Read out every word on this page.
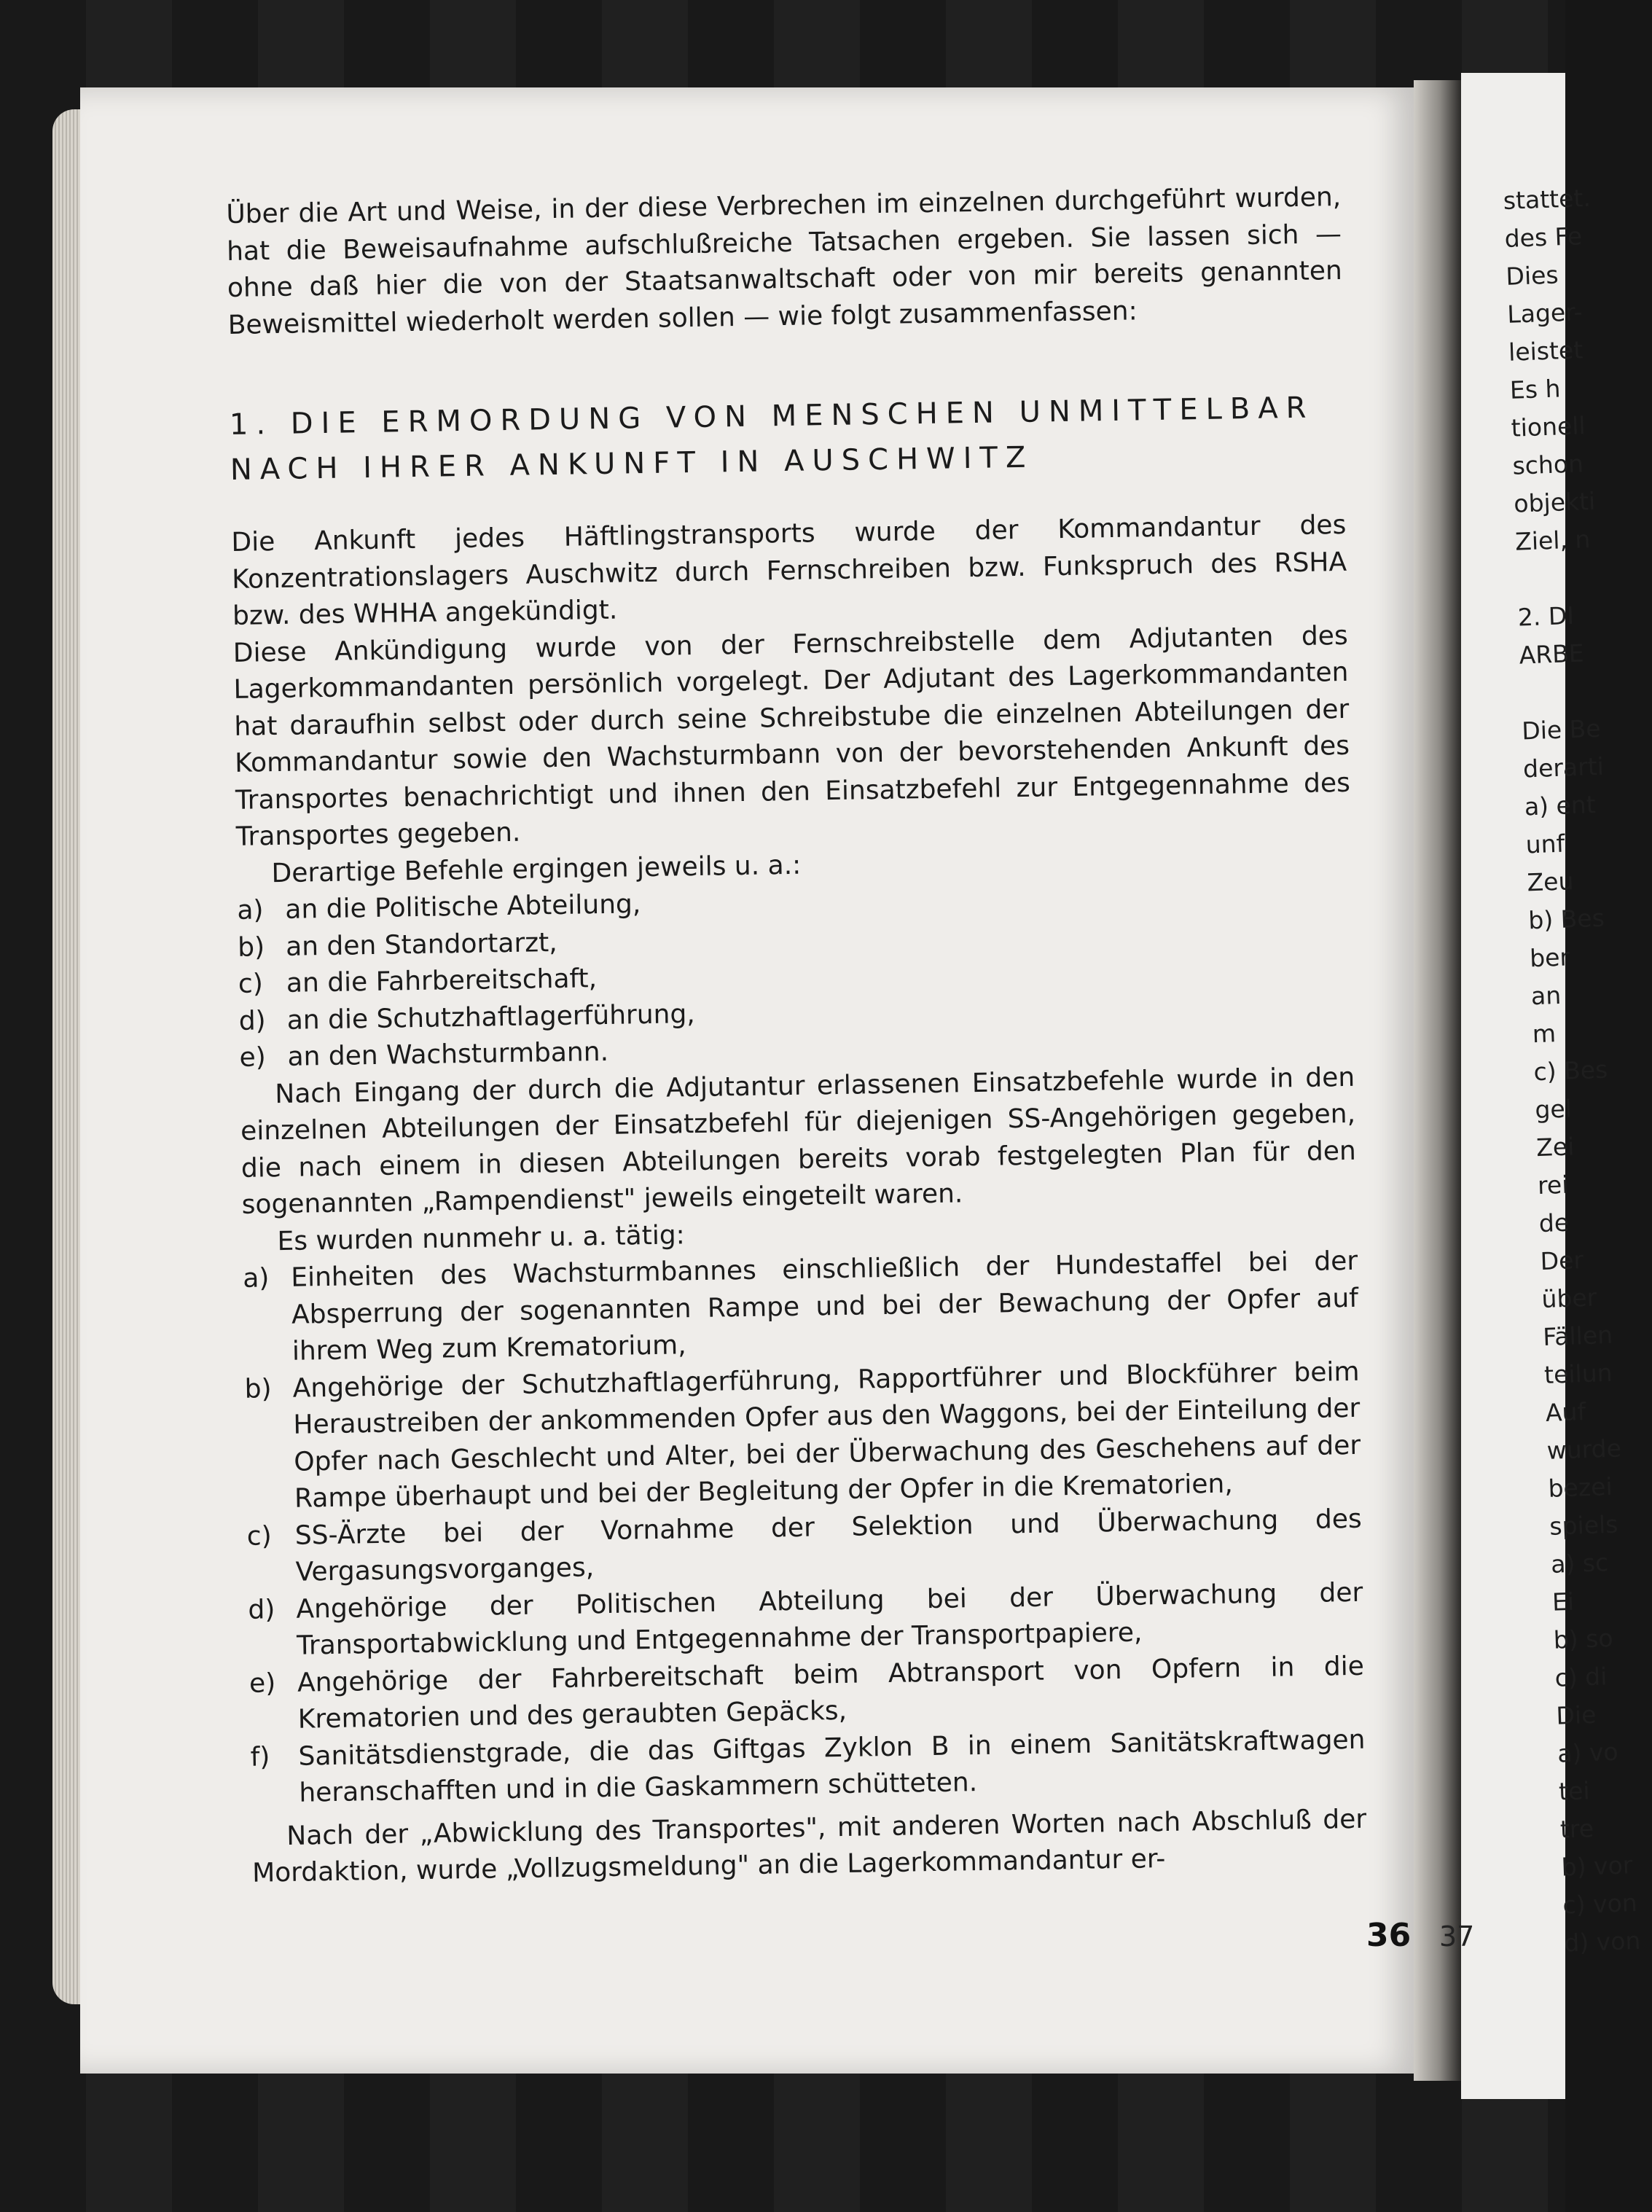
Über die Art und Weise, in der diese Verbrechen im einzelnen durchgeführt wurden, hat die Beweisaufnahme aufschlußreiche Tatsachen ergeben. Sie lassen sich — ohne daß hier die von der Staatsanwaltschaft oder von mir bereits genannten Beweismittel wiederholt werden sollen — wie folgt zusammenfassen:

1. DIE ERMORDUNG VON MENSCHEN UNMITTELBAR
NACH IHRER ANKUNFT IN AUSCHWITZ

Die Ankunft jedes Häftlingstransports wurde der Kommandantur des Konzentrationslagers Auschwitz durch Fernschreiben bzw. Funkspruch des RSHA bzw. des WHHA angekündigt.

Diese Ankündigung wurde von der Fernschreibstelle dem Adjutanten des Lagerkommandanten persönlich vorgelegt. Der Adjutant des Lagerkommandanten hat daraufhin selbst oder durch seine Schreibstube die einzelnen Abteilungen der Kommandantur sowie den Wachsturmbann von der bevorstehenden Ankunft des Transportes benachrichtigt und ihnen den Einsatzbefehl zur Entgegennahme des Transportes gegeben.

Derartige Befehle ergingen jeweils u. a.:

a) an die Politische Abteilung,
b) an den Standortarzt,
c) an die Fahrbereitschaft,
d) an die Schutzhaftlagerführung,
e) an den Wachsturmbann.

Nach Eingang der durch die Adjutantur erlassenen Einsatzbefehle wurde in den einzelnen Abteilungen der Einsatzbefehl für diejenigen SS-Angehörigen gegeben, die nach einem in diesen Abteilungen bereits vorab festgelegten Plan für den sogenannten „Rampendienst" jeweils eingeteilt waren.

Es wurden nunmehr u. a. tätig:

a) Einheiten des Wachsturmbannes einschließlich der Hundestaffel bei der Absperrung der sogenannten Rampe und bei der Bewachung der Opfer auf ihrem Weg zum Krematorium,
b) Angehörige der Schutzhaftlagerführung, Rapportführer und Blockführer beim Heraustreiben der ankommenden Opfer aus den Waggons, bei der Einteilung der Opfer nach Geschlecht und Alter, bei der Überwachung des Geschehens auf der Rampe überhaupt und bei der Begleitung der Opfer in die Krematorien,
c) SS-Ärzte bei der Vornahme der Selektion und Überwachung des Vergasungsvorganges,
d) Angehörige der Politischen Abteilung bei der Überwachung der Transportabwicklung und Entgegennahme der Transportpapiere,
e) Angehörige der Fahrbereitschaft beim Abtransport von Opfern in die Krematorien und des geraubten Gepäcks,
f)	Sanitätsdienstgrade, die das Giftgas Zyklon B in einem Sanitätskraftwagen heranschafften und in die Gaskammern schütteten.

Nach der „Abwicklung des Transportes", mit anderen Worten nach Abschluß der Mordaktion, wurde „Vollzugsmeldung" an die Lagerkommandantur er-

36 37
stattet.
des Fe
Dies
Lager-
leistet
Es h
tionell
schon
objekti
Ziel, n

2. DI
ARBE

Die Be
derarti
a) ent
unf
Zeu
b) Bes
ber
an
m
c) Bes
gel
Zei
rei
de
Der
über
Fällen
teilun
Auf
wurde
bezei
spiels
a) sc
Ei
b) so
c) di
Die
a) vo
tei
tre
b) vor
c) von
d) von
